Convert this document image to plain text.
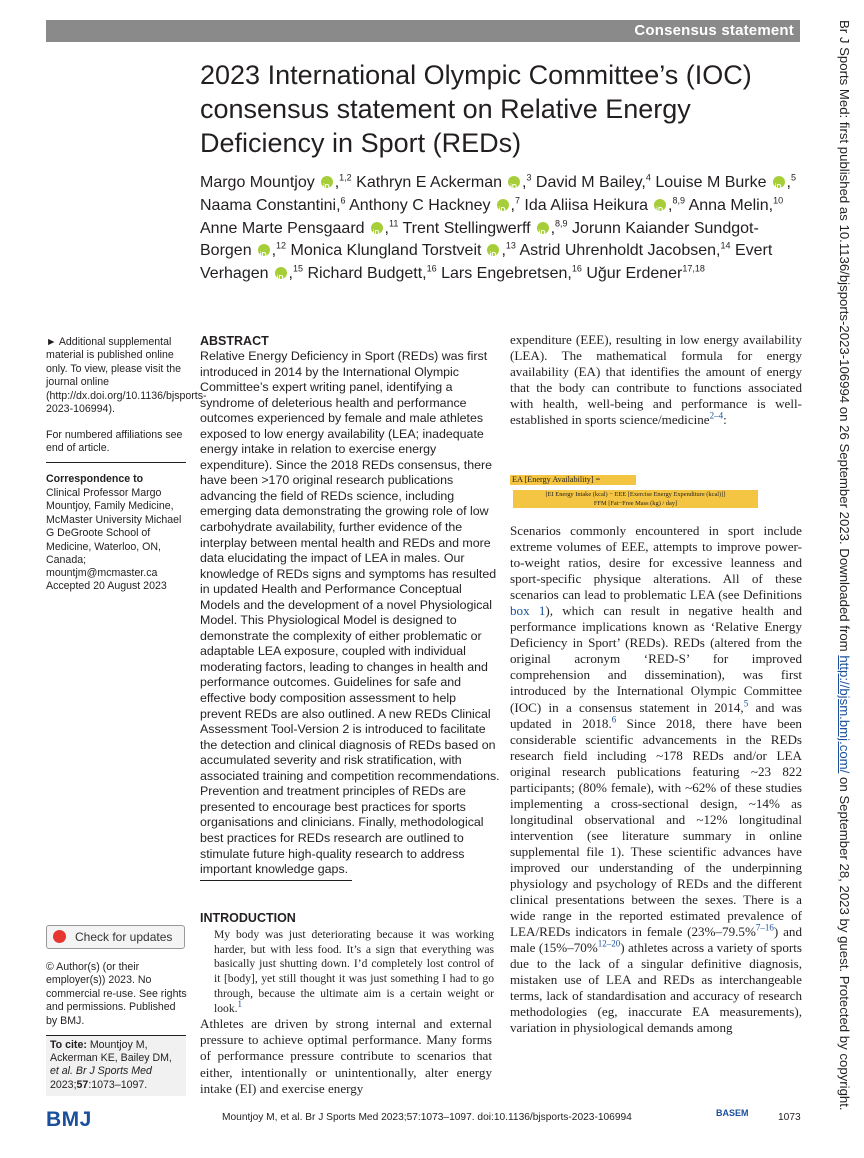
Consensus statement	Br J Sports Med: first published as 10.1136/bjsports-2023-106994 on 26 September 2023. Downloaded from http://bjsm.bmj.com/ on September 28, 2023 by guest. Protected by copyright.
2023 International Olympic Committee’s (IOC) consensus statement on Relative Energy Deficiency in Sport (REDs)
Margo Mountjoy iD ,$^{1,2}$ Kathryn E Ackerman iD ,$^3$ David M Bailey,$^4$ Louise M Burke iD ,$^5$ Naama Constantini,$^6$ Anthony C Hackney iD ,$^7$ Ida Aliisa Heikura iD ,$^{8,9}$ Anna Melin,$^{10}$ Anne Marte Pensgaard iD ,$^{11}$ Trent Stellingwerff iD ,$^{8,9}$ Jorunn Kaiander Sundgot-Borgen iD ,$^{12}$ Monica Klungland Torstveit iD ,$^{13}$ Astrid Uhrenholdt Jacobsen,$^{14}$ Evert Verhagen iD ,$^{15}$ Richard Budgett,$^{16}$ Lars Engebretsen,$^{16}$ Uğur Erdener$^{17,18}$
► Additional supplemental material is published online only. To view, please visit the journal online (http://dx.doi.org/10.1136/bjsports-2023-106994).
For numbered affiliations see end of article.
Correspondence to
Clinical Professor Margo Mountjoy, Family Medicine, McMaster University Michael G DeGroote School of Medicine, Waterloo, ON, Canada; mountjm@mcmaster.ca
Accepted 20 August 2023
Check for updates
© Author(s) (or their employer(s)) 2023. No commercial re-use. See rights and permissions. Published by BMJ.
To cite: Mountjoy M, Ackerman KE, Bailey DM, et al. Br J Sports Med 2023;57:1073–1097.
ABSTRACT
Relative Energy Deficiency in Sport (REDs) was first introduced in 2014 by the International Olympic Committee’s expert writing panel, identifying a syndrome of deleterious health and performance outcomes experienced by female and male athletes exposed to low energy availability (LEA; inadequate energy intake in relation to exercise energy expenditure). Since the 2018 REDs consensus, there have been >170 original research publications advancing the field of REDs science, including emerging data demonstrating the growing role of low carbohydrate availability, further evidence of the interplay between mental health and REDs and more data elucidating the impact of LEA in males. Our knowledge of REDs signs and symptoms has resulted in updated Health and Performance Conceptual Models and the development of a novel Physiological Model. This Physiological Model is designed to demonstrate the complexity of either problematic or adaptable LEA exposure, coupled with individual moderating factors, leading to changes in health and performance outcomes. Guidelines for safe and effective body composition assessment to help prevent REDs are also outlined. A new REDs Clinical Assessment Tool-Version 2 is introduced to facilitate the detection and clinical diagnosis of REDs based on accumulated severity and risk stratification, with associated training and competition recommendations. Prevention and treatment principles of REDs are presented to encourage best practices for sports organisations and clinicians. Finally, methodological best practices for REDs research are outlined to stimulate future high-quality research to address important knowledge gaps.
INTRODUCTION
My body was just deteriorating because it was working harder, but with less food. It’s a sign that everything was basically just shutting down. I’d completely lost control of it [body], yet still thought it was just something I had to go through, because the ultimate aim is a certain weight or look.$^1$
Athletes are driven by strong internal and external pressure to achieve optimal performance. Many forms of performance pressure contribute to scenarios that either, intentionally or unintentionally, alter energy intake (EI) and exercise energy
expenditure (EEE), resulting in low energy availability (LEA). The mathematical formula for energy availability (EA) that identifies the amount of energy that the body can contribute to functions associated with health, well-being and performance is well-established in sports science/medicine$^{2-4}$:
EA [Energy Availability] =
[EI Energy Intake (kcal) − EEE [Exercise Energy Expenditure (kcal)]]
FFM [Fat−Free Mass (kg) / day]
Scenarios commonly encountered in sport include extreme volumes of EEE, attempts to improve power-to-weight ratios, desire for excessive leanness and sport-specific physique alterations. All of these scenarios can lead to problematic LEA (see Definitions box 1), which can result in negative health and performance implications known as ‘Relative Energy Deficiency in Sport’ (REDs). REDs (altered from the original acronym ‘RED-S’ for improved comprehension and dissemination), was first introduced by the International Olympic Committee (IOC) in a consensus statement in 2014,$^5$ and was updated in 2018.$^6$ Since 2018, there have been considerable scientific advancements in the REDs research field including ~178 REDs and/or LEA original research publications featuring ~23 822 participants; (80% female), with ~62% of these studies implementing a cross-sectional design, ~14% as longitudinal observational and ~12% longitudinal intervention (see literature summary in online supplemental file 1). These scientific advances have improved our understanding of the underpinning physiology and psychology of REDs and the different clinical presentations between the sexes. There is a wide range in the reported estimated prevalence of LEA/REDs indicators in female (23%–79.5%$^{7-16}$) and male (15%–70%$^{12-20}$) athletes across a variety of sports due to the lack of a singular definitive diagnosis, mistaken use of LEA and REDs as interchangeable terms, lack of standardisation and accuracy of research methodologies (eg, inaccurate EA measurements), variation in physiological demands among
BMJ	Mountjoy M, et al. Br J Sports Med 2023;57:1073–1097. doi:10.1136/bjsports-2023-106994	BASEM	1073
